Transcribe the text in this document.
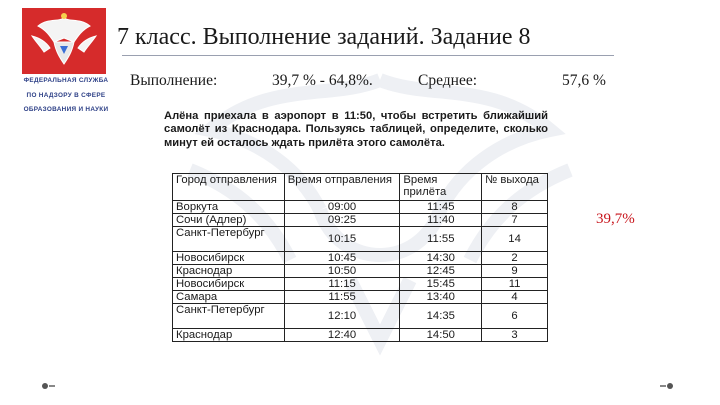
ФЕДЕРАЛЬНАЯ СЛУЖБА
ПО НАДЗОРУ В СФЕРЕ
ОБРАЗОВАНИЯ И НАУКИ
7 класс. Выполнение заданий. Задание 8
Выполнение:	39,7 % - 64,8%.	Среднее:	57,6 %
Алёна приехала в аэропорт в 11:50, чтобы встретить ближайший самолёт из Краснодара. Пользуясь таблицей, определите, сколько минут ей осталось ждать прилёта этого самолёта.
Город отправления	Время отправления	Время прилёта	№ выхода
Воркута	09:00	11:45	8
Сочи (Адлер)	09:25	11:40	7
Санкт-Петербург	10:15	11:55	14
Новосибирск	10:45	14:30	2
Краснодар	10:50	12:45	9
Новосибирск	11:15	15:45	11
Самара	11:55	13:40	4
Санкт-Петербург	12:10	14:35	6
Краснодар	12:40	14:50	3
39,7%
